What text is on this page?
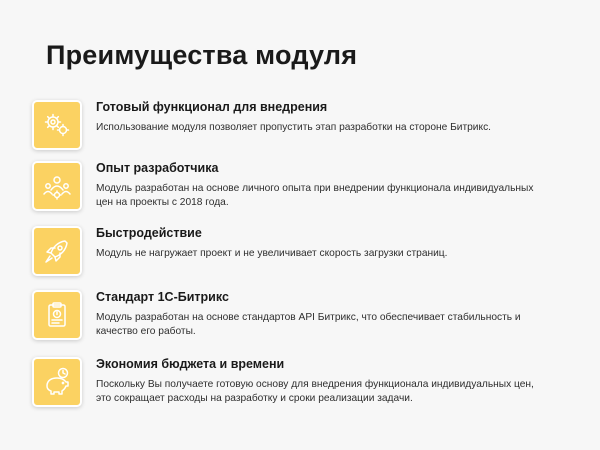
Преимущества модуля

Готовый функционал для внедрения

Использование модуля позволяет пропустить этап разработки на стороне Битрикс.

Опыт разработчика

Модуль разработан на основе личного опыта при внедрении функционала индивидуальных цен на проекты с 2018 года.

Быстродействие

Модуль не нагружает проект и не увеличивает скорость загрузки страниц.

Стандарт 1С-Битрикс

Модуль разработан на основе стандартов API Битрикс, что обеспечивает стабильность и качество его работы.

Экономия бюджета и времени

Поскольку Вы получаете готовую основу для внедрения функционала индивидуальных цен, это сокращает расходы на разработку и сроки реализации задачи.
